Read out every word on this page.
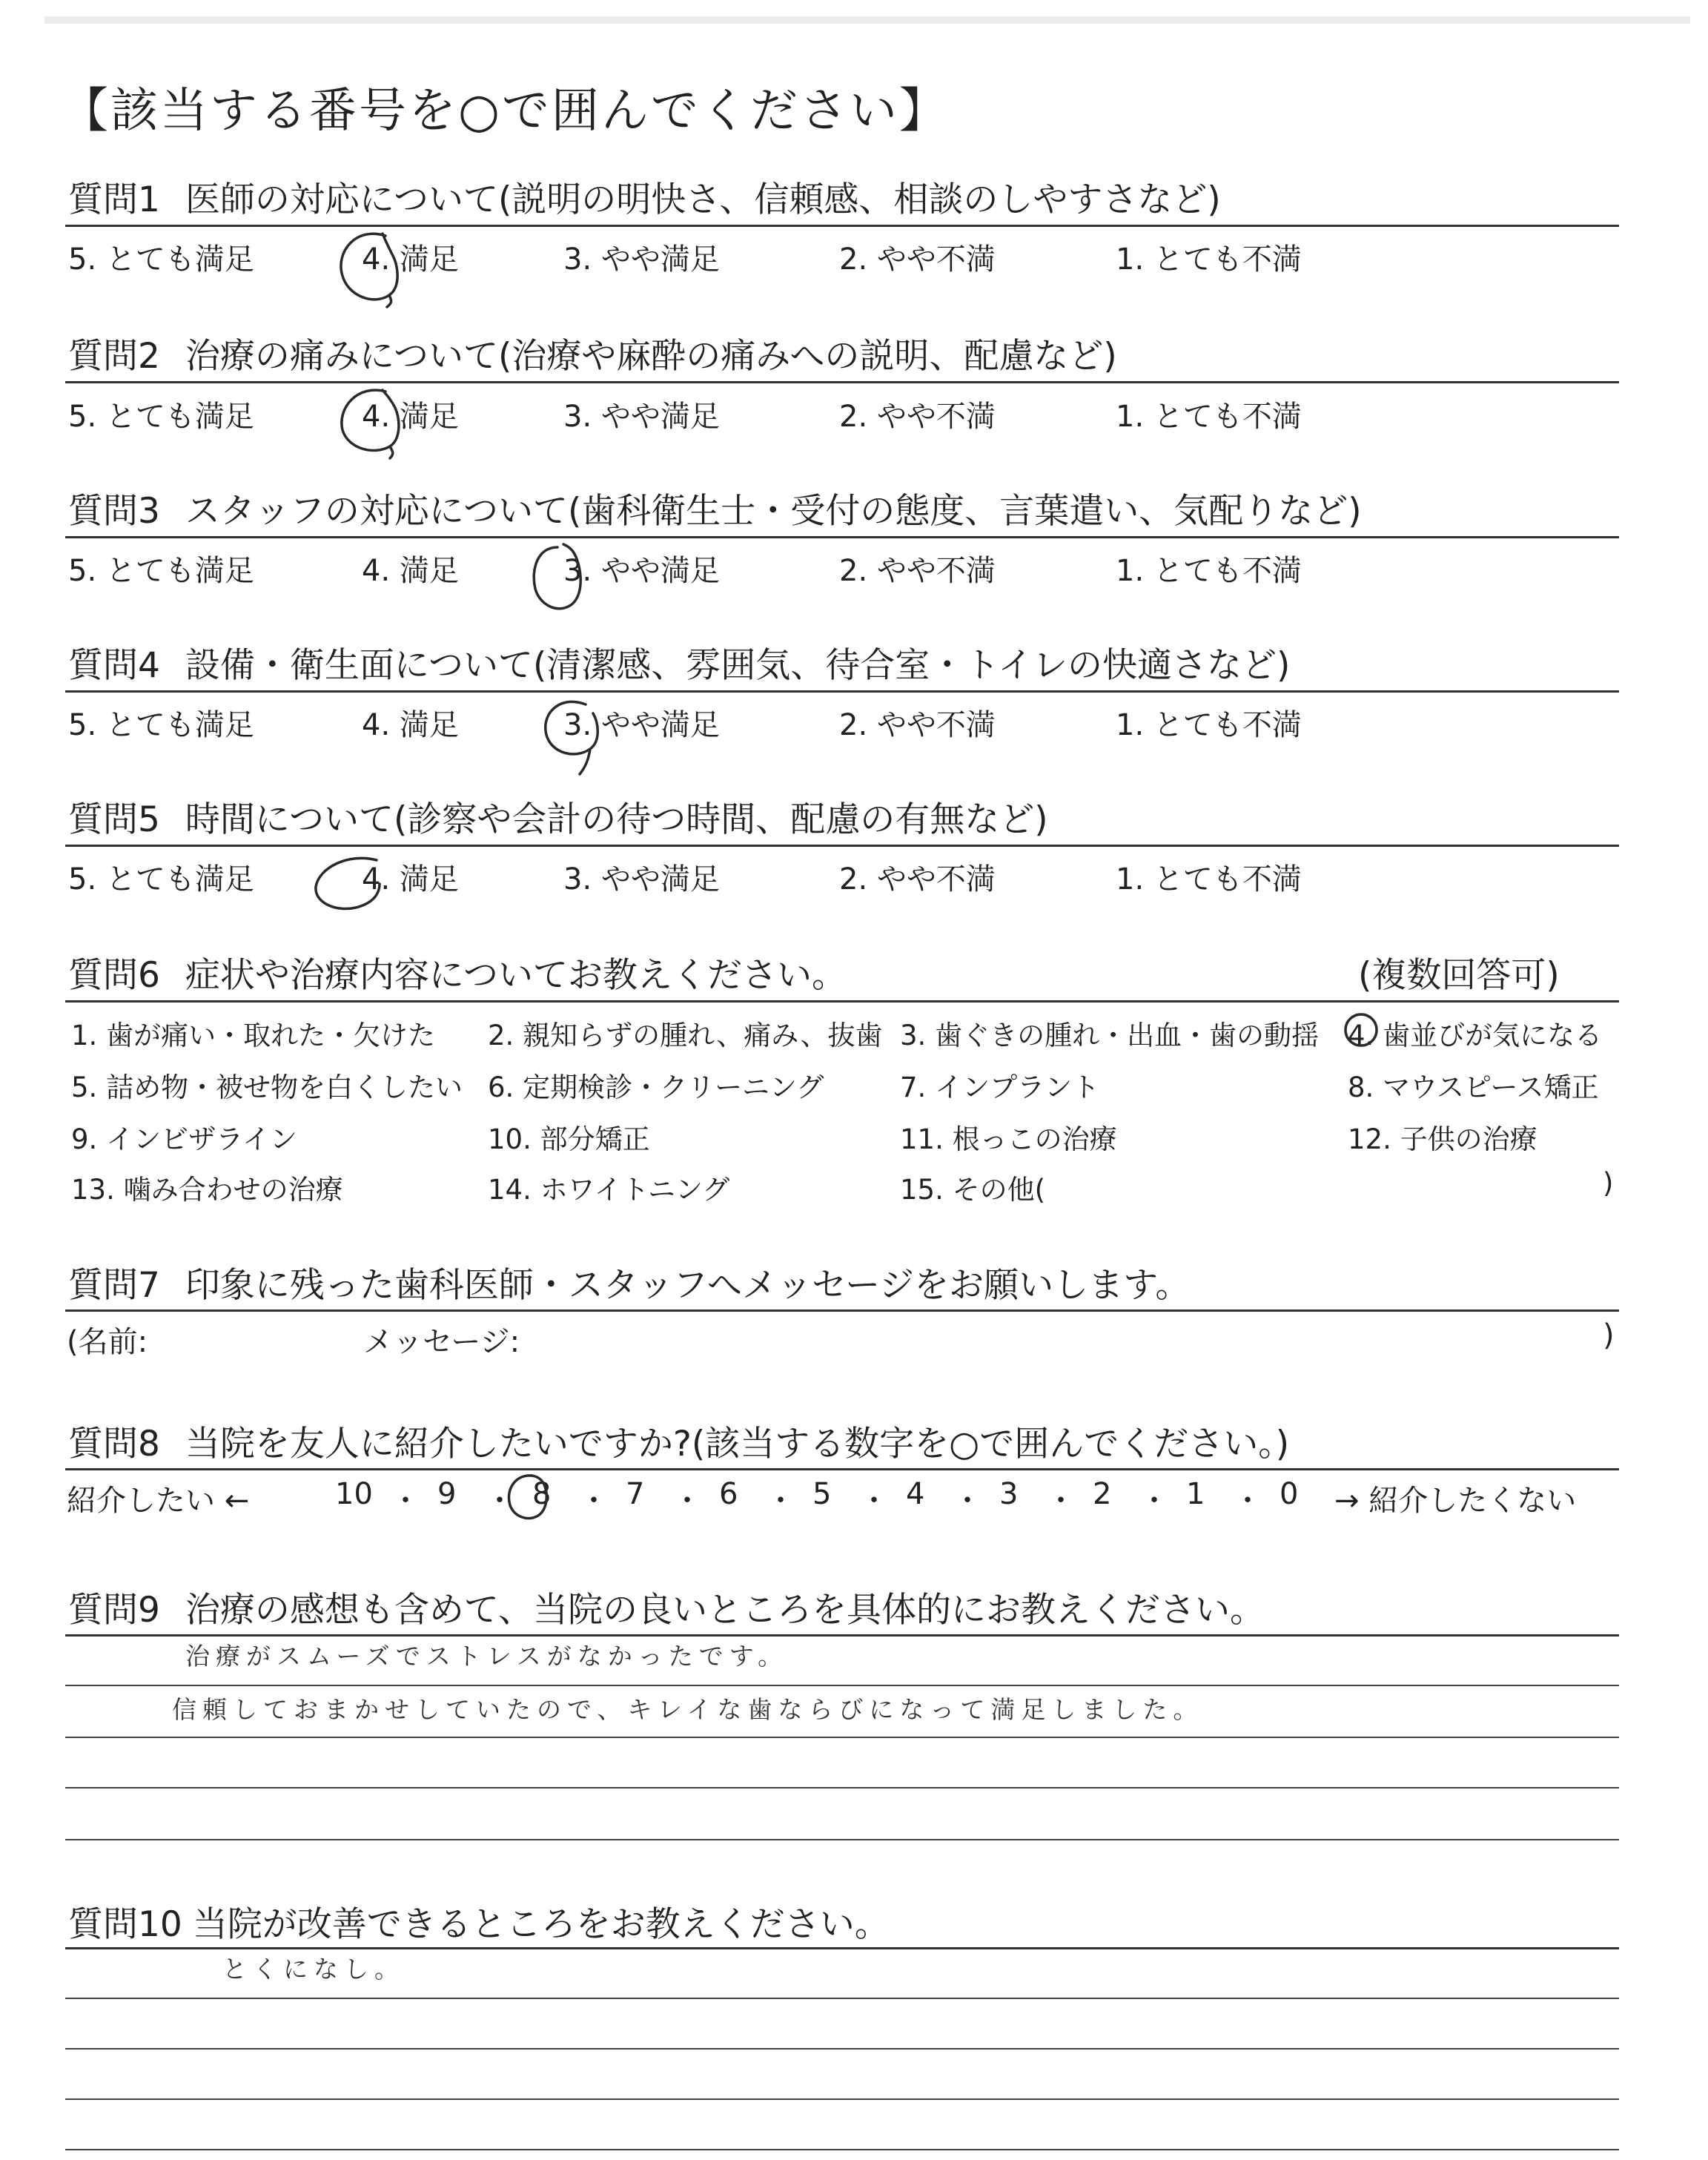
【該当する番号を○で囲んでください】
質問1 医師の対応について(説明の明快さ、信頼感、相談のしやすさなど)
5. とても満足	4. 満足	3. やや満足	2. やや不満	1. とても不満
質問2 治療の痛みについて(治療や麻酔の痛みへの説明、配慮など)
5. とても満足	4. 満足	3. やや満足	2. やや不満	1. とても不満
質問3 スタッフの対応について(歯科衛生士・受付の態度、言葉遣い、気配りなど)
5. とても満足	4. 満足	3. やや満足	2. やや不満	1. とても不満
質問4 設備・衛生面について(清潔感、雰囲気、待合室・トイレの快適さなど)
5. とても満足	4. 満足	3. やや満足	2. やや不満	1. とても不満
質問5 時間について(診察や会計の待つ時間、配慮の有無など)
5. とても満足	4. 満足	3. やや満足	2. やや不満	1. とても不満
質問6 症状や治療内容についてお教えください。	(複数回答可)
1. 歯が痛い・取れた・欠けた 2. 親知らずの腫れ、痛み、抜歯 3. 歯ぐきの腫れ・出血・歯の動揺 4. 歯並びが気になる
5. 詰め物・被せ物を白くしたい 6. 定期検診・クリーニング	7. インプラント	8. マウスピース矯正
9. インビザライン	10. 部分矯正	11. 根っこの治療	12. 子供の治療
13. 噛み合わせの治療	14. ホワイトニング	15. その他(	)
質問7 印象に残った歯科医師・スタッフへメッセージをお願いします。
(名前:	メッセージ:	)
質問8 当院を友人に紹介したいですか?(該当する数字を○で囲んでください。)
紹介したい ←	10 ・ 9 ・ 8 ・ 7 ・ 6 ・ 5 ・ 4 ・ 3 ・ 2 ・ 1 ・ 0 → 紹介したくない
質問9 治療の感想も含めて、当院の良いところを具体的にお教えください。
治療がスムーズでストレスがなかったです。
信頼しておまかせしていたので、キレイな歯ならびになって満足しました。
質問10 当院が改善できるところをお教えください。
とくになし。
